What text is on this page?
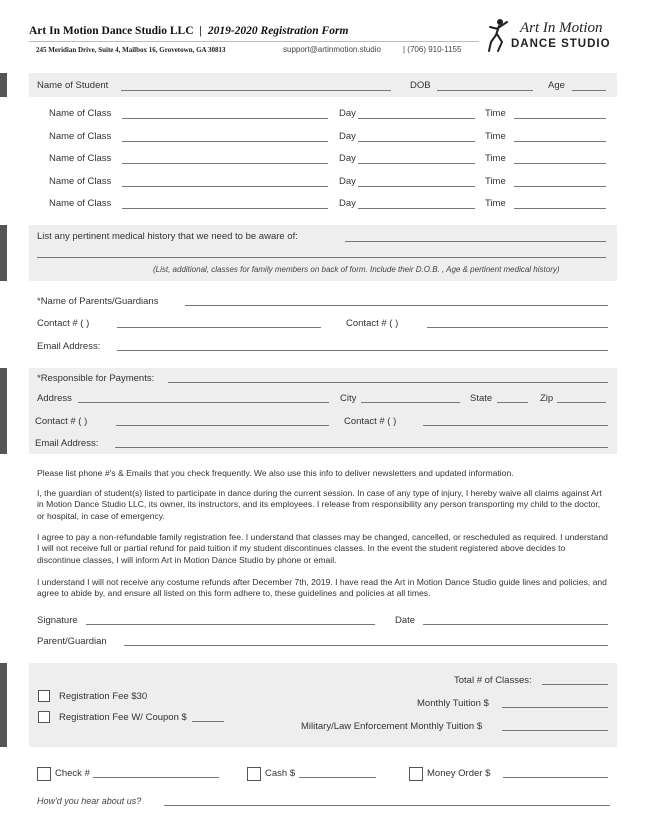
Art In Motion Dance Studio LLC | 2019-2020 Registration Form
245 Meridian Drive, Suite 4, Mailbox 16, Grovetown, GA 30813	support@artinmotion.studio	| (706) 910-1155
Art In Motion
DANCE STUDIO
Name of Student	DOB	Age
Name of Class	Day	Time
Name of Class	Day	Time
Name of Class	Day	Time
Name of Class	Day	Time
Name of Class	Day	Time
List any pertinent medical history that we need to be aware of:
(List, additional, classes for family members on back of form. Include their D.O.B. , Age & pertinent medical history)
*Name of Parents/Guardians
Contact # ( )	Contact # ( )
Email Address:
*Responsible for Payments:
Address	City	State	Zip
Contact # ( )	Contact # ( )
Email Address:
Please list phone #'s & Emails that you check frequently. We also use this info to deliver newsletters and updated information.
I, the guardian of student(s) listed to participate in dance during the current session. In case of any type of injury, I hereby waive all claims against Art in Motion Dance Studio LLC, its owner, its instructors, and its employees. I release from responsibility any person transporting my child to the doctor, or hospital, in case of emergency.
I agree to pay a non-refundable family registration fee. I understand that classes may be changed, cancelled, or rescheduled as required. I understand I will not receive full or partial refund for paid tuition if my student discontinues classes. In the event the student registered above decides to discontinue classes, I will inform Art in Motion Dance Studio by phone or email.
I understand I will not receive any costume refunds after December 7th, 2019. I have read the Art in Motion Dance Studio guide lines and policies, and agree to abide by, and ensure all listed on this form adhere to, these guidelines and policies at all times.
Signature	Date
Parent/Guardian
Total # of Classes:
Registration Fee $30
Monthly Tuition $
Registration Fee W/ Coupon $
Military/Law Enforcement Monthly Tuition $
Check #	Cash $	Money Order $
How'd you hear about us?
